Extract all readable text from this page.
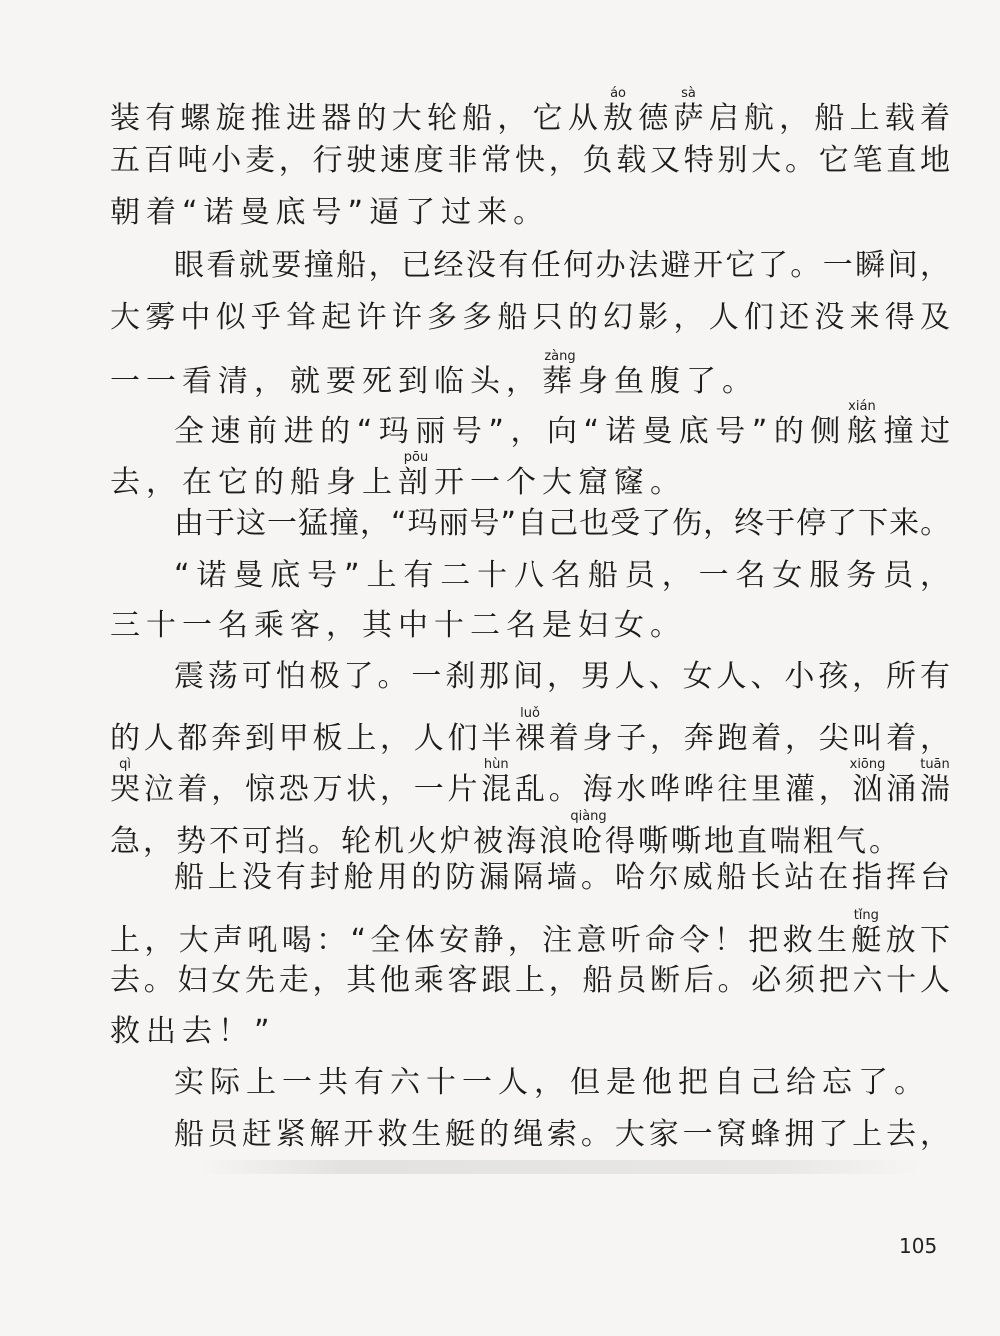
装有螺旋推进器的大轮船，它从敖áo德萨sà启航，船上载着
五百吨小麦，行驶速度非常快，负载又特别大。它笔直地
朝着“诺曼底号”逼了过来。
眼看就要撞船，已经没有任何办法避开它了。一瞬间，
大雾中似乎耸起许许多多船只的幻影，人们还没来得及
一一看清，就要死到临头，葬zàng身鱼腹了。
全速前进的“玛丽号”，向“诺曼底号”的侧舷xián撞过
去，在它的船身上剖pōu开一个大窟窿。
由于这一猛撞，“玛丽号”自己也受了伤，终于停了下来。
“诺曼底号”上有二十八名船员，一名女服务员，
三十一名乘客，其中十二名是妇女。
震荡可怕极了。一刹那间，男人、女人、小孩，所有
的人都奔到甲板上，人们半裸luǒ着身子，奔跑着，尖叫着，
哭qì泣着，惊恐万状，一片混hùn乱。海水哗哗往里灌，汹xiōng涌湍tuān
急，势不可挡。轮机火炉被海浪呛qiàng得嘶嘶地直喘粗气。
船上没有封舱用的防漏隔墙。哈尔威船长站在指挥台
上，大声吼喝：“全体安静，注意听命令！把救生艇tǐng放下
去。妇女先走，其他乘客跟上，船员断后。必须把六十人
救出去！”
实际上一共有六十一人，但是他把自己给忘了。
船员赶紧解开救生艇的绳索。大家一窝蜂拥了上去，
105
